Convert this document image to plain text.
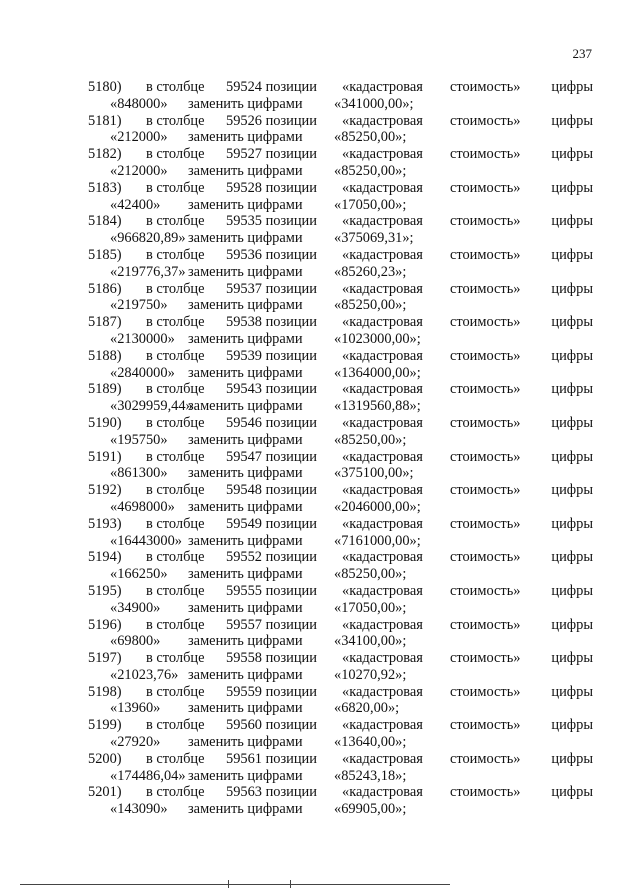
237
5180) в столбце 59524 позиции «кадастровая стоимость» цифры
«848000» заменить цифрами «341000,00»;
5181) в столбце 59526 позиции «кадастровая стоимость» цифры
«212000» заменить цифрами «85250,00»;
5182) в столбце 59527 позиции «кадастровая стоимость» цифры
«212000» заменить цифрами «85250,00»;
5183) в столбце 59528 позиции «кадастровая стоимость» цифры
«42400» заменить цифрами «17050,00»;
5184) в столбце 59535 позиции «кадастровая стоимость» цифры
«966820,89» заменить цифрами «375069,31»;
5185) в столбце 59536 позиции «кадастровая стоимость» цифры
«219776,37» заменить цифрами «85260,23»;
5186) в столбце 59537 позиции «кадастровая стоимость» цифры
«219750» заменить цифрами «85250,00»;
5187) в столбце 59538 позиции «кадастровая стоимость» цифры
«2130000» заменить цифрами «1023000,00»;
5188) в столбце 59539 позиции «кадастровая стоимость» цифры
«2840000» заменить цифрами «1364000,00»;
5189) в столбце 59543 позиции «кадастровая стоимость» цифры
«3029959,44»
заменить цифрами «1319560,88»;
5190) в столбце 59546 позиции «кадастровая стоимость» цифры
«195750» заменить цифрами «85250,00»;
5191) в столбце 59547 позиции «кадастровая стоимость» цифры
«861300» заменить цифрами «375100,00»;
5192) в столбце 59548 позиции «кадастровая стоимость» цифры
«4698000» заменить цифрами «2046000,00»;
5193) в столбце 59549 позиции «кадастровая стоимость» цифры
«16443000» заменить цифрами «7161000,00»;
5194) в столбце 59552 позиции «кадастровая стоимость» цифры
«166250» заменить цифрами «85250,00»;
5195) в столбце 59555 позиции «кадастровая стоимость» цифры
«34900» заменить цифрами «17050,00»;
5196) в столбце 59557 позиции «кадастровая стоимость» цифры
«69800» заменить цифрами «34100,00»;
5197) в столбце 59558 позиции «кадастровая стоимость» цифры
«21023,76» заменить цифрами «10270,92»;
5198) в столбце 59559 позиции «кадастровая стоимость» цифры
«13960» заменить цифрами «6820,00»;
5199) в столбце 59560 позиции «кадастровая стоимость» цифры
«27920» заменить цифрами «13640,00»;
5200) в столбце 59561 позиции «кадастровая стоимость» цифры
«174486,04» заменить цифрами «85243,18»;
5201) в столбце 59563 позиции «кадастровая стоимость» цифры
«143090» заменить цифрами «69905,00»;
